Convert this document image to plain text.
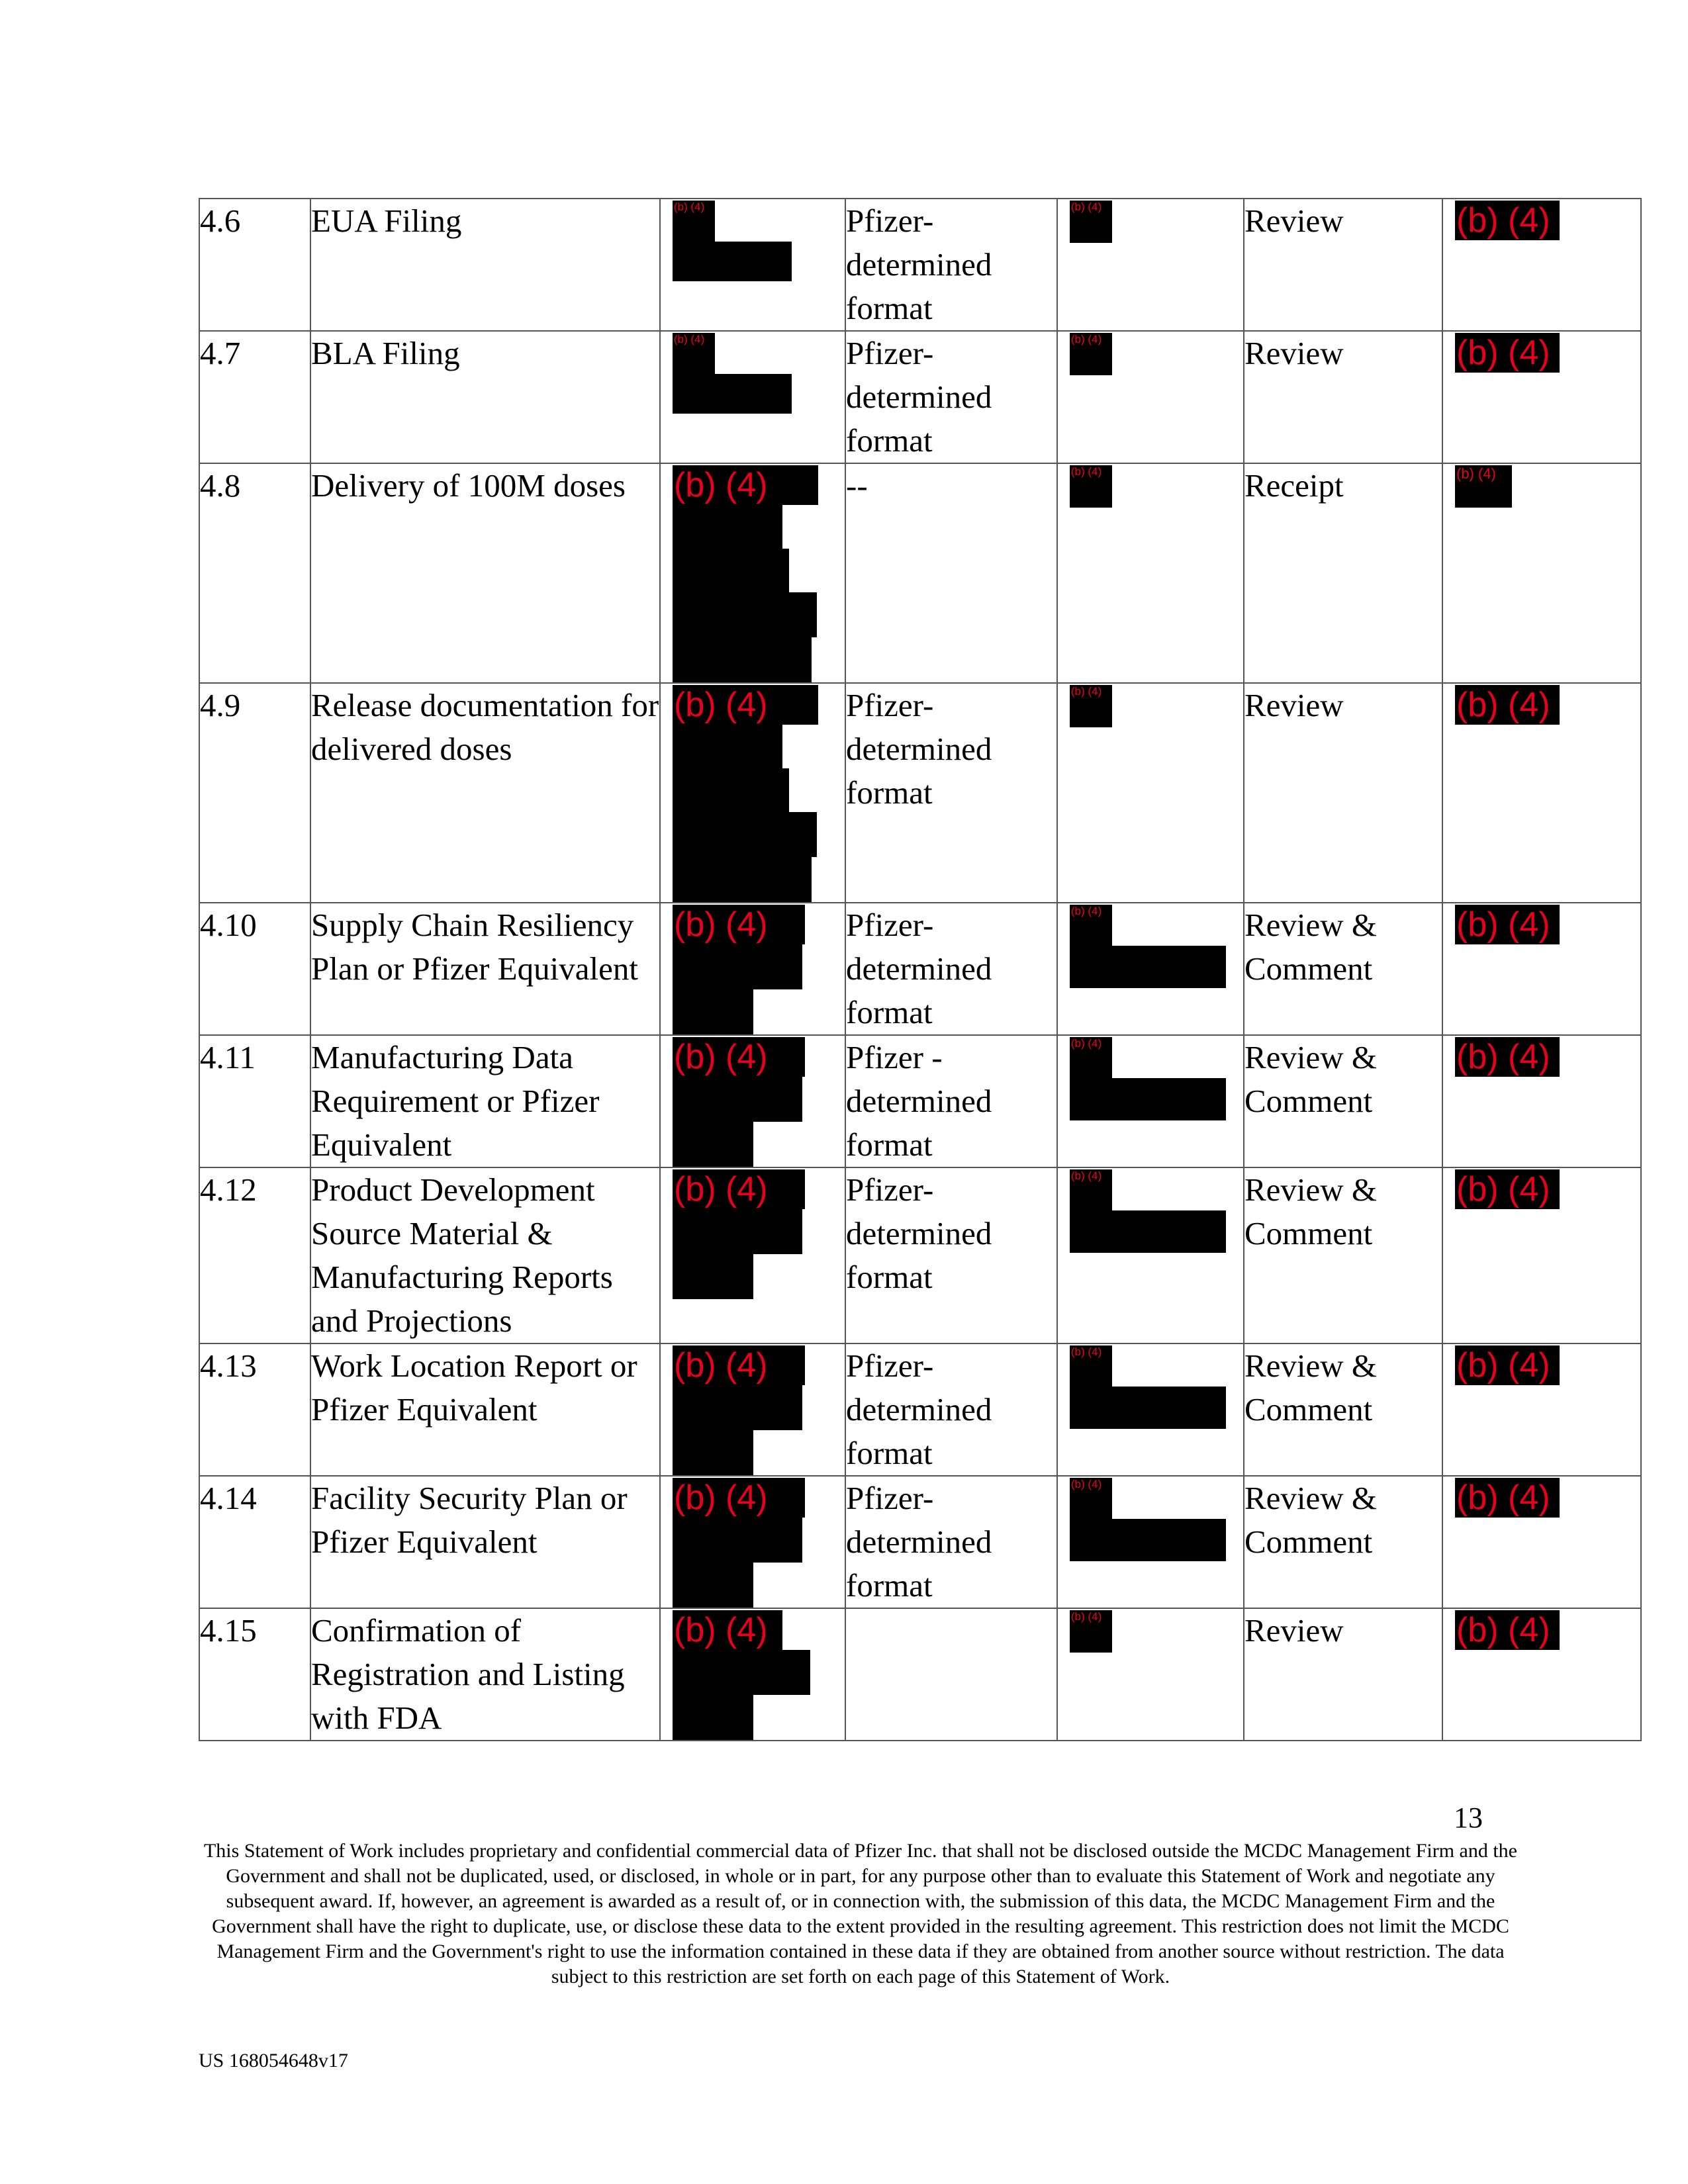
4.6	EUA Filing	(b) (4)	Pfizer-determined format	(b) (4)	Review	(b) (4)

4.7	BLA Filing	(b) (4)	Pfizer-determined format	(b) (4)	Review	(b) (4)

4.8	Delivery of 100M doses	(b) (4)	--	(b) (4)	Receipt	(b) (4)

4.9	Release documentation for delivered doses	(b) (4)	Pfizer-determined format	(b) (4)	Review	(b) (4)

4.10	Supply Chain Resiliency Plan or Pfizer Equivalent	(b) (4)	Pfizer-determined format	(b) (4)	Review & Comment	(b) (4)

4.11	Manufacturing Data Requirement or Pfizer Equivalent	(b) (4)	Pfizer - determined format	(b) (4)	Review & Comment	(b) (4)

4.12	Product Development Source Material & Manufacturing Reports and Projections	(b) (4)	Pfizer-determined format	(b) (4)	Review & Comment	(b) (4)

4.13	Work Location Report or Pfizer Equivalent	(b) (4)	Pfizer-determined format	(b) (4)	Review & Comment	(b) (4)

4.14	Facility Security Plan or Pfizer Equivalent	(b) (4)	Pfizer-determined format	(b) (4)	Review & Comment	(b) (4)

4.15	Confirmation of Registration and Listing with FDA	(b) (4)		(b) (4)	Review	(b) (4)
13
This Statement of Work includes proprietary and confidential commercial data of Pfizer Inc. that shall not be disclosed outside the MCDC Management Firm and the Government and shall not be duplicated, used, or disclosed, in whole or in part, for any purpose other than to evaluate this Statement of Work and negotiate any subsequent award. If, however, an agreement is awarded as a result of, or in connection with, the submission of this data, the MCDC Management Firm and the Government shall have the right to duplicate, use, or disclose these data to the extent provided in the resulting agreement. This restriction does not limit the MCDC Management Firm and the Government's right to use the information contained in these data if they are obtained from another source without restriction. The data subject to this restriction are set forth on each page of this Statement of Work.
US 168054648v17
